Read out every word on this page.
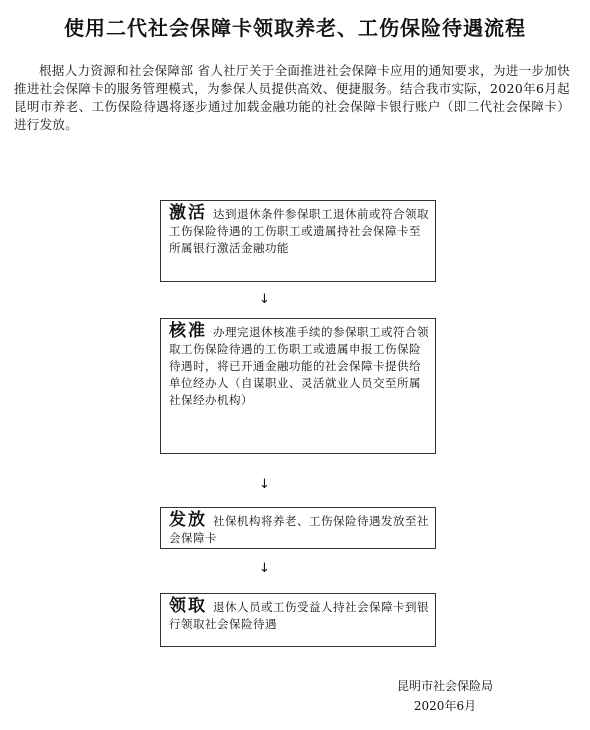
使用二代社会保障卡领取养老、工伤保险待遇流程
根据人力资源和社会保障部 省人社厅关于全面推进社会保障卡应用的通知要求，为进一步加快推进社会保障卡的服务管理模式，为参保人员提供高效、便捷服务。结合我市实际，2020年6月起昆明市养老、工伤保险待遇将逐步通过加载金融功能的社会保障卡银行账户（即二代社会保障卡）进行发放。
激活 达到退休条件参保职工退休前或符合领取工伤保险待遇的工伤职工或遗属持社会保障卡至所属银行激活金融功能
↓
核准 办理完退休核准手续的参保职工或符合领取工伤保险待遇的工伤职工或遗属申报工伤保险待遇时，将已开通金融功能的社会保障卡提供给单位经办人（自谋职业、灵活就业人员交至所属社保经办机构）
↓
发放 社保机构将养老、工伤保险待遇发放至社会保障卡
↓
领取 退休人员或工伤受益人持社会保障卡到银行领取社会保险待遇
昆明市社会保险局
2020年6月
